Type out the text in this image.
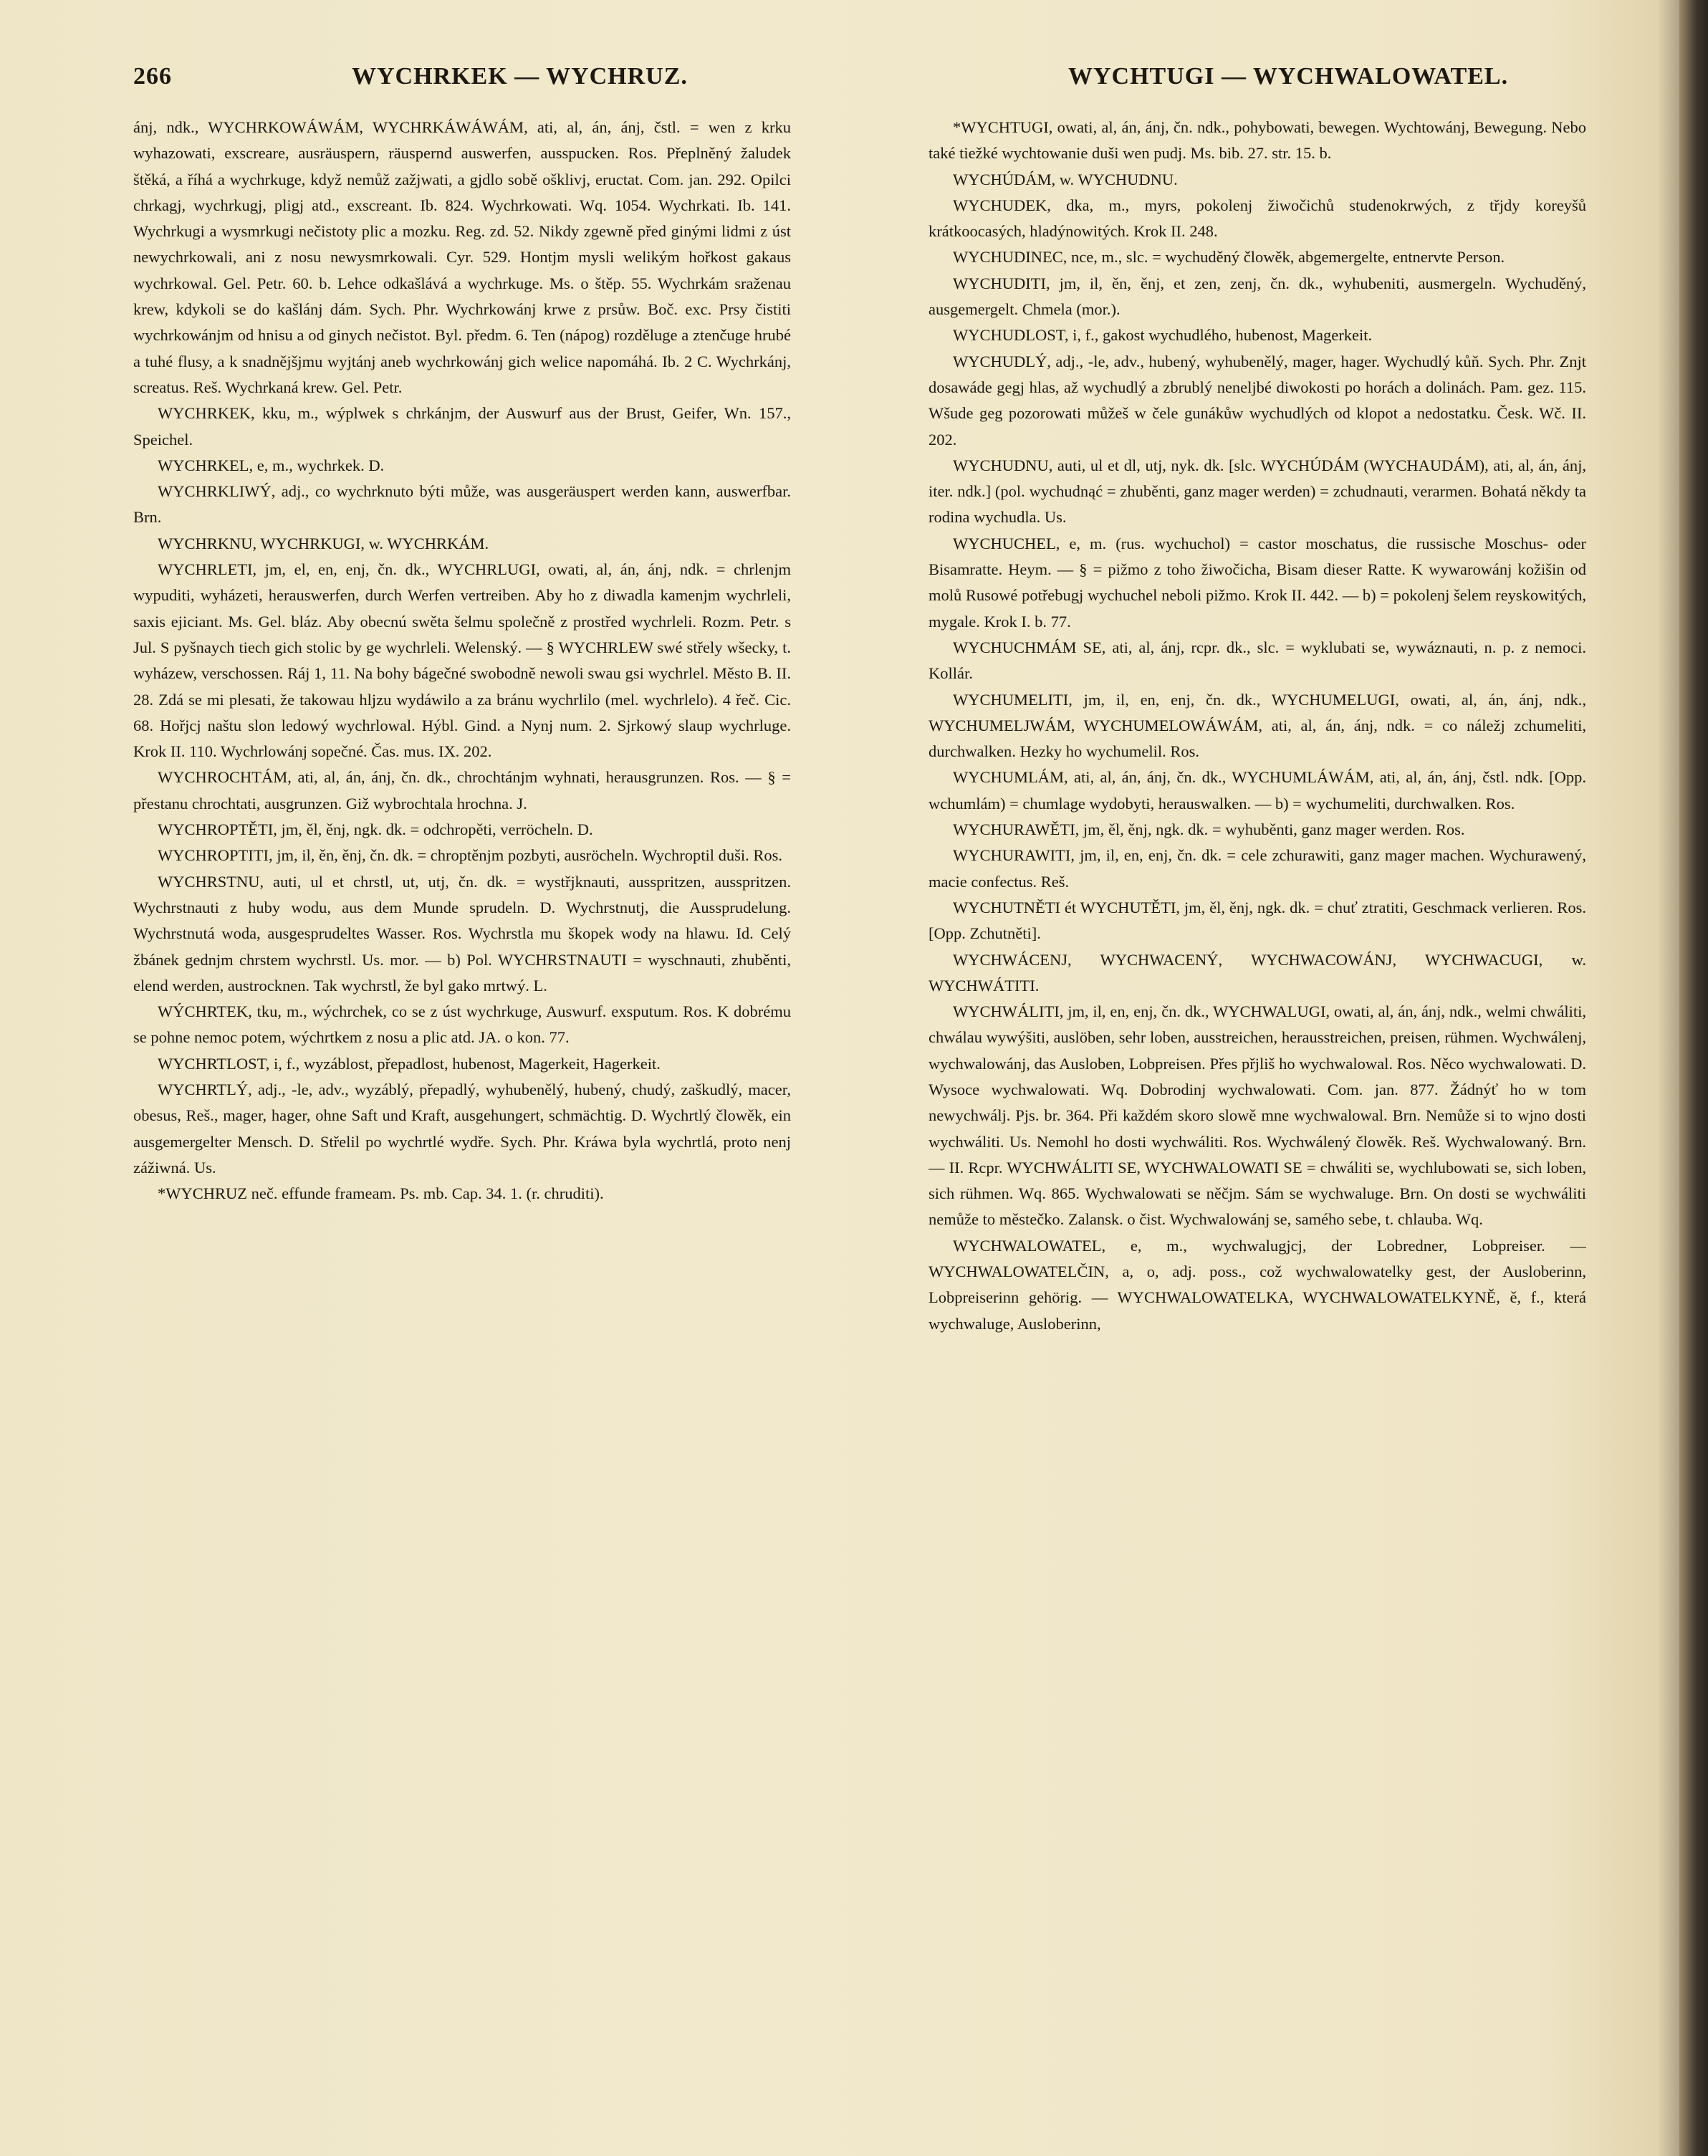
266	WYCHRKEK — WYCHRUZ.	WYCHTUGI — WYCHWALOWATEL.

ánj, ndk., WYCHRKOWÁWÁM, WYCHRKÁWÁWÁM, ati, al, án, ánj, čstl. = wen z krku wyhazowati, exscreare, ausräuspern, räuspernd auswerfen, ausspucken. Ros. Přeplněný žaludek štěká, a říhá a wychrkuge, když nemůž zažjwati, a gjdlo sobě ošklivj, eructat. Com. jan. 292. Opilci chrkagj, wychrkugj, pligj atd., exscreant. Ib. 824. Wychrkowati. Wq. 1054. Wychrkati. Ib. 141. Wychrkugi a wysmrkugi nečistoty plic a mozku. Reg. zd. 52. Nikdy zgewně před ginými lidmi z úst newychrkowali, ani z nosu newysmrkowali. Cyr. 529. Hontjm mysli welikým hořkost gakaus wychrkowal. Gel. Petr. 60. b. Lehce odkašlává a wychrkuge. Ms. o štěp. 55. Wychrkám sraženau krew, kdykoli se do kašlánj dám. Sych. Phr. Wychrkowánj krwe z prsůw. Boč. exc. Prsy čistiti wychrkowánjm od hnisu a od ginych nečistot. Byl. předm. 6. Ten (nápog) rozděluge a ztenčuge hrubé a tuhé flusy, a k snadnějšjmu wyjtánj aneb wychrkowánj gich welice napomáhá. Ib. 2 C. Wychrkánj, screatus. Reš. Wychrkaná krew. Gel. Petr.

WYCHRKEK, kku, m., wýplwek s chrkánjm, der Auswurf aus der Brust, Geifer, Wn. 157., Speichel.

WYCHRKEL, e, m., wychrkek. D.

WYCHRKLIWÝ, adj., co wychrknuto býti může, was ausgeräuspert werden kann, auswerfbar. Brn.

WYCHRKNU, WYCHRKUGI, w. WYCHRKÁM.

WYCHRLETI, jm, el, en, enj, čn. dk., WYCHRLUGI, owati, al, án, ánj, ndk. = chrlenjm wypuditi, wyházeti, herauswerfen, durch Werfen vertreiben. Aby ho z diwadla kamenjm wychrleli, saxis ejiciant. Ms. Gel. bláz. Aby obecnú swěta šelmu společně z prostřed wychrleli. Rozm. Petr. s Jul. S pyšnaych tiech gich stolic by ge wychrleli. Welenský. — § WYCHRLEW swé střely wšecky, t. wyházew, verschossen. Ráj 1, 11. Na bohy bágečné swobodně newoli swau gsi wychrlel. Město B. II. 28. Zdá se mi plesati, že takowau hljzu wydáwilo a za bránu wychrlilo (mel. wychrlelo). 4 řeč. Cic. 68. Hořjcj naštu slon ledowý wychrlowal. Hýbl. Gind. a Nynj num. 2. Sjrkowý slaup wychrluge. Krok II. 110. Wychrlowánj sopečné. Čas. mus. IX. 202.

WYCHROCHTÁM, ati, al, án, ánj, čn. dk., chrochtánjm wyhnati, herausgrunzen. Ros. — § = přestanu chrochtati, ausgrunzen. Giž wybrochtala hrochna. J.

WYCHROPTĚTI, jm, ěl, ěnj, ngk. dk. = odchropěti, verröcheln. D.

WYCHROPTITI, jm, il, ěn, ěnj, čn. dk. = chroptěnjm pozbyti, ausröcheln. Wychroptil duši. Ros.

WYCHRSTNU, auti, ul et chrstl, ut, utj, čn. dk. = wystřjknauti, ausspritzen, ausspritzen. Wychrstnauti z huby wodu, aus dem Munde sprudeln. D. Wychrstnutj, die Aussprudelung. Wychrstnutá woda, ausgesprudeltes Wasser. Ros. Wychrstla mu škopek wody na hlawu. Id. Celý žbánek gednjm chrstem wychrstl. Us. mor. — b) Pol. WYCHRSTNAUTI = wyschnauti, zhuběnti, elend werden, austrocknen. Tak wychrstl, že byl gako mrtwý. L.

WÝCHRTEK, tku, m., wýchrchek, co se z úst wychrkuge, Auswurf. exsputum. Ros. K dobrému se pohne nemoc potem, wýchrtkem z nosu a plic atd. JA. o kon. 77.

WYCHRTLOST, i, f., wyzáblost, přepadlost, hubenost, Magerkeit, Hagerkeit.

WYCHRTLÝ, adj., -le, adv., wyzáblý, přepadlý, wyhubenělý, hubený, chudý, zaškudlý, macer, obesus, Reš., mager, hager, ohne Saft und Kraft, ausgehungert, schmächtig. D. Wychrtlý člowěk, ein ausgemergelter Mensch. D. Střelil po wychrtlé wydře. Sych. Phr. Kráwa byla wychrtlá, proto nenj zážiwná. Us.

*WYCHRUZ neč. effunde frameam. Ps. mb. Cap. 34. 1. (r. chruditi).

*WYCHTUGI, owati, al, án, ánj, čn. ndk., pohybowati, bewegen. Wychtowánj, Bewegung. Nebo také tiežké wychtowanie duši wen pudj. Ms. bib. 27. str. 15. b.

WYCHÚDÁM, w. WYCHUDNU.

WYCHUDEK, dka, m., myrs, pokolenj žiwočichů studenokrwých, z třjdy koreyšů krátkoocasých, hladýnowitých. Krok II. 248.

WYCHUDINEC, nce, m., slc. = wychuděný člowěk, abgemergelte, entnervte Person.

WYCHUDITI, jm, il, ěn, ěnj, et zen, zenj, čn. dk., wyhubeniti, ausmergeln. Wychuděný, ausgemergelt. Chmela (mor.).

WYCHUDLOST, i, f., gakost wychudlého, hubenost, Magerkeit.

WYCHUDLÝ, adj., -le, adv., hubený, wyhubenělý, mager, hager. Wychudlý kůň. Sych. Phr. Znjt dosawáde gegj hlas, až wychudlý a zbrublý neneljbé diwokosti po horách a dolinách. Pam. gez. 115. Wšude geg pozorowati můžeš w čele gunákůw wychudlých od klopot a nedostatku. Česk. Wč. II. 202.

WYCHUDNU, auti, ul et dl, utj, nyk. dk. [slc. WYCHÚDÁM (WYCHAUDÁM), ati, al, án, ánj, iter. ndk.] (pol. wychudnąć = zhuběnti, ganz mager werden) = zchudnauti, verarmen. Bohatá někdy ta rodina wychudla. Us.

WYCHUCHEL, e, m. (rus. wychuchol) = castor moschatus, die russische Moschus- oder Bisamratte. Heym. — § = pižmo z toho žiwočicha, Bisam dieser Ratte. K wywarowánj kožišin od molů Rusowé potřebugj wychuchel neboli pižmo. Krok II. 442. — b) = pokolenj šelem reyskowitých, mygale. Krok I. b. 77.

WYCHUCHMÁM SE, ati, al, ánj, rcpr. dk., slc. = wyklubati se, wywáznauti, n. p. z nemoci. Kollár.

WYCHUMELITI, jm, il, en, enj, čn. dk., WYCHUMELUGI, owati, al, án, ánj, ndk., WYCHUMELJWÁM, WYCHUMELOWÁWÁM, ati, al, án, ánj, ndk. = co náležj zchumeliti, durchwalken. Hezky ho wychumelil. Ros.

WYCHUMLÁM, ati, al, án, ánj, čn. dk., WYCHUMLÁWÁM, ati, al, án, ánj, čstl. ndk. [Opp. wchumlám) = chumlage wydobyti, herauswalken. — b) = wychumeliti, durchwalken. Ros.

WYCHURAWĚTI, jm, ěl, ěnj, ngk. dk. = wyhuběnti, ganz mager werden. Ros.

WYCHURAWITI, jm, il, en, enj, čn. dk. = cele zchurawiti, ganz mager machen. Wychurawený, macie confectus. Reš.

WYCHUTNĚTI ét WYCHUTĚTI, jm, ěl, ěnj, ngk. dk. = chuť ztratiti, Geschmack verlieren. Ros. [Opp. Zchutněti].

WYCHWÁCENJ, WYCHWACENÝ, WYCHWACOWÁNJ, WYCHWACUGI, w. WYCHWÁTITI.

WYCHWÁLITI, jm, il, en, enj, čn. dk., WYCHWALUGI, owati, al, án, ánj, ndk., welmi chwáliti, chwálau wywýšiti, auslöben, sehr loben, ausstreichen, herausstreichen, preisen, rühmen. Wychwálenj, wychwalowánj, das Ausloben, Lobpreisen. Přes přjliš ho wychwalowal. Ros. Něco wychwalowati. D. Wysoce wychwalowati. Wq. Dobrodinj wychwalowati. Com. jan. 877. Žádnýť ho w tom newychwálj. Pjs. br. 364. Při každém skoro slowě mne wychwalowal. Brn. Nemůže si to wjno dosti wychwáliti. Us. Nemohl ho dosti wychwáliti. Ros. Wychwálený člowěk. Reš. Wychwalowaný. Brn. — II. Rcpr. WYCHWÁLITI SE, WYCHWALOWATI SE = chwáliti se, wychlubowati se, sich loben, sich rühmen. Wq. 865. Wychwalowati se něčjm. Sám se wychwaluge. Brn. On dosti se wychwáliti nemůže to městečko. Zalansk. o čist. Wychwalowánj se, samého sebe, t. chlauba. Wq.

WYCHWALOWATEL, e, m., wychwalugjcj, der Lobredner, Lobpreiser. — WYCHWALOWATELČIN, a, o, adj. poss., což wychwalowatelky gest, der Ausloberinn, Lobpreiserinn gehörig. — WYCHWALOWATELKA, WYCHWALOWATELKYNĚ, ě, f., která wychwaluge, Ausloberinn,
